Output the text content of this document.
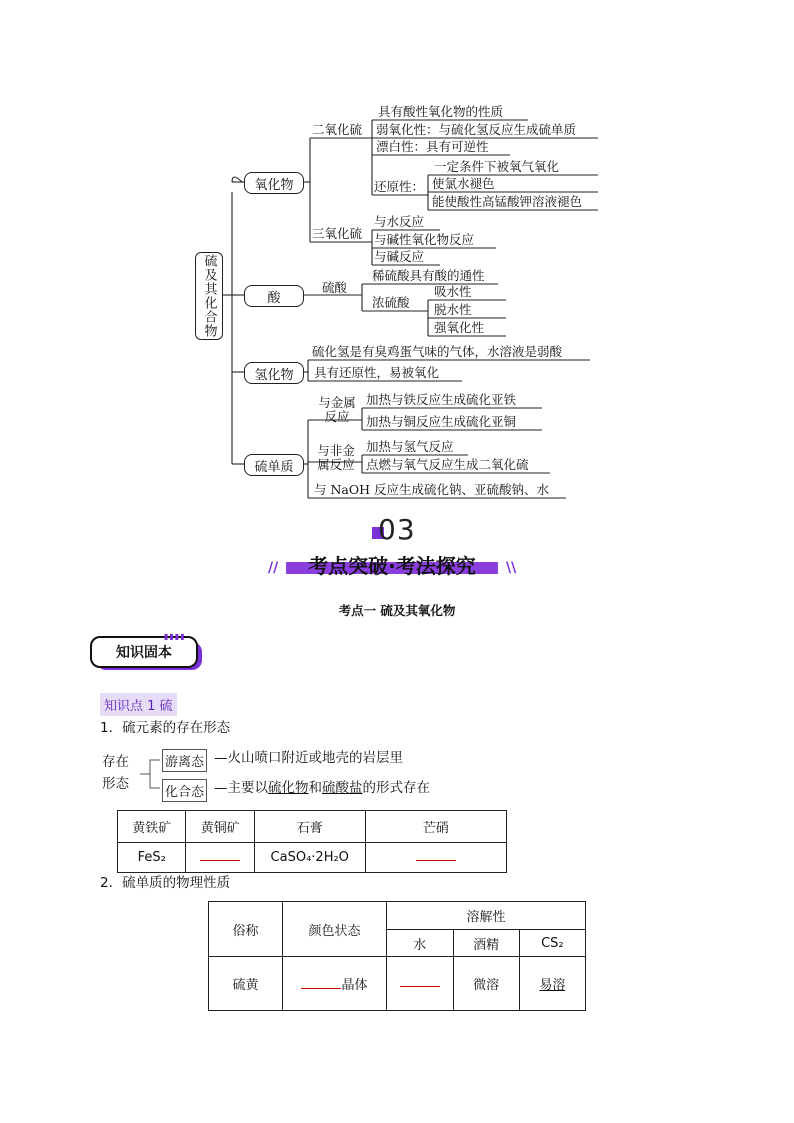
硫及其化合物
氧化物
酸
氢化物
硫单质
二氧化硫
具有酸性氧化物的性质
弱氧化性：与硫化氢反应生成硫单质
漂白性：具有可逆性
还原性：
一定条件下被氧气氧化
使氯水褪色
能使酸性高锰酸钾溶液褪色
三氧化硫
与水反应
与碱性氧化物反应
与碱反应
硫酸
稀硫酸具有酸的通性
浓硫酸
吸水性
脱水性
强氧化性
硫化氢是有臭鸡蛋气味的气体，水溶液是弱酸
具有还原性，易被氧化
与金属反应
加热与铁反应生成硫化亚铁
加热与铜反应生成硫化亚铜
与非金属反应
加热与氢气反应
点燃与氧气反应生成二氧化硫
与 NaOH 反应生成硫化钠、亚硫酸钠、水
03
//	考点突破·考法探究	\\
考点一 硫及其氧化物
知识固本
▮▮▮▮
知识点 1 硫
1．硫元素的存在形态
存在
形态
游离态 —火山喷口附近或地壳的岩层里
化合态 —主要以硫化物和硫酸盐的形式存在
黄铁矿	黄铜矿	石膏	芒硝
FeS₂		CaSO₄·2H₂O	
2．硫单质的物理性质
俗称	颜色状态	溶解性		
		水	酒精	CS₂
硫黄	晶体		微溶	易溶
